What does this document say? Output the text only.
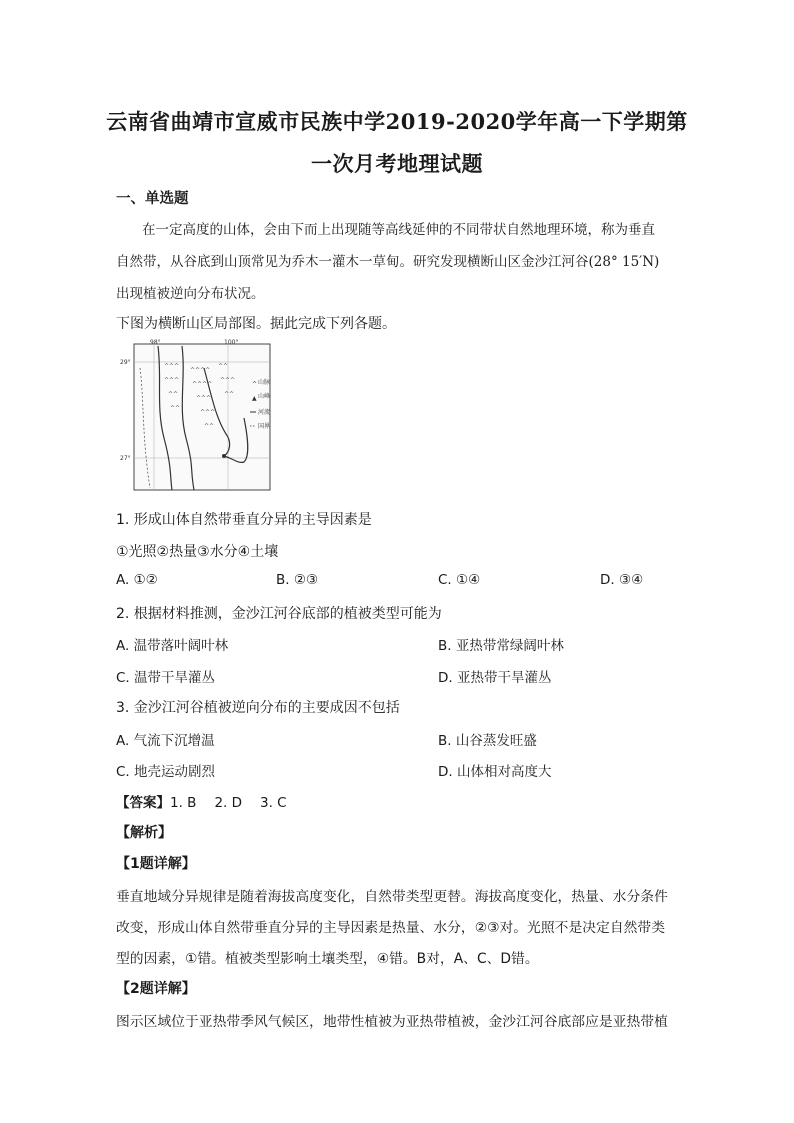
云南省曲靖市宣威市民族中学2019-2020学年高一下学期第
一次月考地理试题
一、单选题
在一定高度的山体，会由下而上出现随等高线延伸的不同带状自然地理环境，称为垂直
自然带，从谷底到山顶常见为乔木一灌木一草甸。研究发现横断山区金沙江河谷(28° 15′N)
出现植被逆向分布状况。
下图为横断山区局部图。据此完成下列各题。
98°	100°
29°
27°
^^^
^^^
^^
^^
^^^^
^^^^
^^^
^^^
^^
^^
^^^
^^
^ 山脉
▲ 山峰
河流
国界
1. 形成山体自然带垂直分异的主导因素是
①光照②热量③水分④土壤
A. ①②	B. ②③	C. ①④	D. ③④
2. 根据材料推测，金沙江河谷底部的植被类型可能为
A. 温带落叶阔叶林	B. 亚热带常绿阔叶林
C. 温带干旱灌丛	D. 亚热带干旱灌丛
3. 金沙江河谷植被逆向分布的主要成因不包括
A. 气流下沉增温	B. 山谷蒸发旺盛
C. 地壳运动剧烈	D. 山体相对高度大
【答案】1. B 2. D 3. C
【解析】
【1题详解】
垂直地域分异规律是随着海拔高度变化，自然带类型更替。海拔高度变化，热量、水分条件
改变，形成山体自然带垂直分异的主导因素是热量、水分，②③对。光照不是决定自然带类
型的因素，①错。植被类型影响土壤类型，④错。B对，A、C、D错。
【2题详解】
图示区域位于亚热带季风气候区，地带性植被为亚热带植被，金沙江河谷底部应是亚热带植
